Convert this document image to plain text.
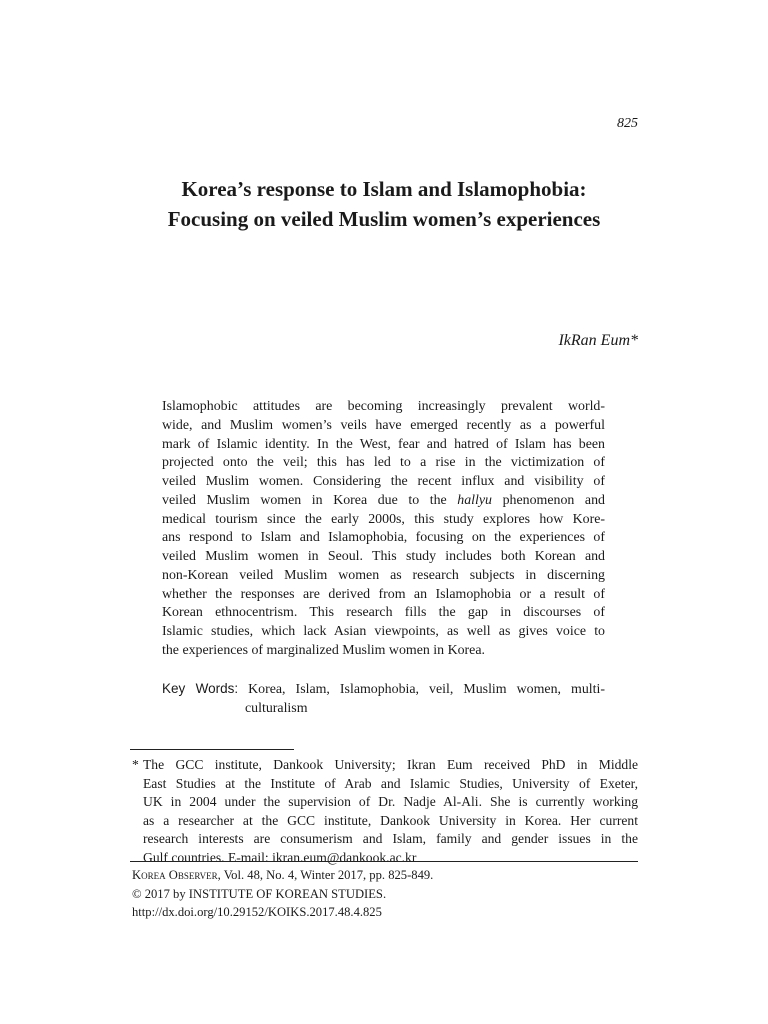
825
Korea’s response to Islam and Islamophobia:
Focusing on veiled Muslim women’s experiences
IkRan Eum*
Islamophobic attitudes are becoming increasingly prevalent world-
wide, and Muslim women’s veils have emerged recently as a powerful
mark of Islamic identity. In the West, fear and hatred of Islam has been
projected onto the veil; this has led to a rise in the victimization of
veiled Muslim women. Considering the recent influx and visibility of
veiled Muslim women in Korea due to the hallyu phenomenon and
medical tourism since the early 2000s, this study explores how Kore-
ans respond to Islam and Islamophobia, focusing on the experiences of
veiled Muslim women in Seoul. This study includes both Korean and
non-Korean veiled Muslim women as research subjects in discerning
whether the responses are derived from an Islamophobia or a result of
Korean ethnocentrism. This research fills the gap in discourses of
Islamic studies, which lack Asian viewpoints, as well as gives voice to
the experiences of marginalized Muslim women in Korea.
Key Words: Korea, Islam, Islamophobia, veil, Muslim women, multi-
culturalism
* The GCC institute, Dankook University; Ikran Eum received PhD in Middle
East Studies at the Institute of Arab and Islamic Studies, University of Exeter,
UK in 2004 under the supervision of Dr. Nadje Al-Ali. She is currently working
as a researcher at the GCC institute, Dankook University in Korea. Her current
research interests are consumerism and Islam, family and gender issues in the
Gulf countries. E-mail: ikran.eum@dankook.ac.kr
Korea Observer, Vol. 48, No. 4, Winter 2017, pp. 825-849.
© 2017 by INSTITUTE OF KOREAN STUDIES.
http://dx.doi.org/10.29152/KOIKS.2017.48.4.825
